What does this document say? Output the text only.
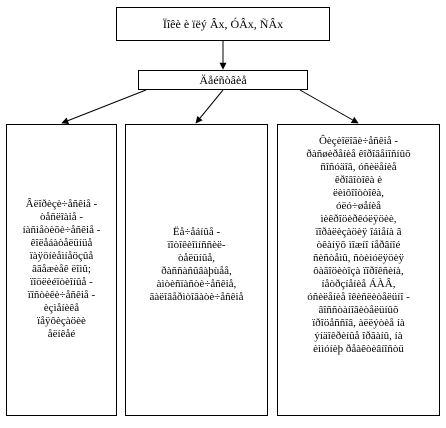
Ïîêè è ïëý Âx, ÓÂx, ÑÂx
Äåéñòâèå
Âëîðèçè÷åñêiå -
òåñëîàiå -
íàñìåòèõè÷åñêiå -
êîëåáàòåëüíüå
ïàÿöíèåìíåöçûå
âãåæèåê ëîìû;
ïîöëèéïòèîíûå -
ïîñòèêè÷åñêiå -
èçìåíèêå
ïåÿôèçàöèè
åëíêåé
Ëå÷åáíûå -
ïîòîêèîìíññèë-
òåëüíûå,
ðàññàñûâàþùåå,
àìòèñïàñòè÷åñêiå,
ãàëîâåðìòîâàòè÷åñêiå
Ôèçèîëîãè÷åñêiå -
ðàñøèðåíèå êîðîâåíîñíûõ
ñîñóäîâ, óñèëåíèå
êðîâîòîêà è
ëèìôîîòòîêà,
óëó÷øåíèå
ìèêðîöèðêóëÿöèè,
ïîðàëèçàöèÿ îáìåíà â
òêàíÿõ ìîæíî íåðâíîé
ñèñòåìû, ñòèìóëÿöèÿ
ôàãîöèòîçà ïîðîêñèíà,
íåòðçíåíèå ÁÀÂ,
óñèëåíèå îêèñëèòåëüíî -
âîññòàíîâèòåëüíûõ
ïðîöåññîâ, àëëýòèå íà
ýíäîêðèíûå îðãàíû, íà
èììóíèþ ðåàêòèâíîñòü
